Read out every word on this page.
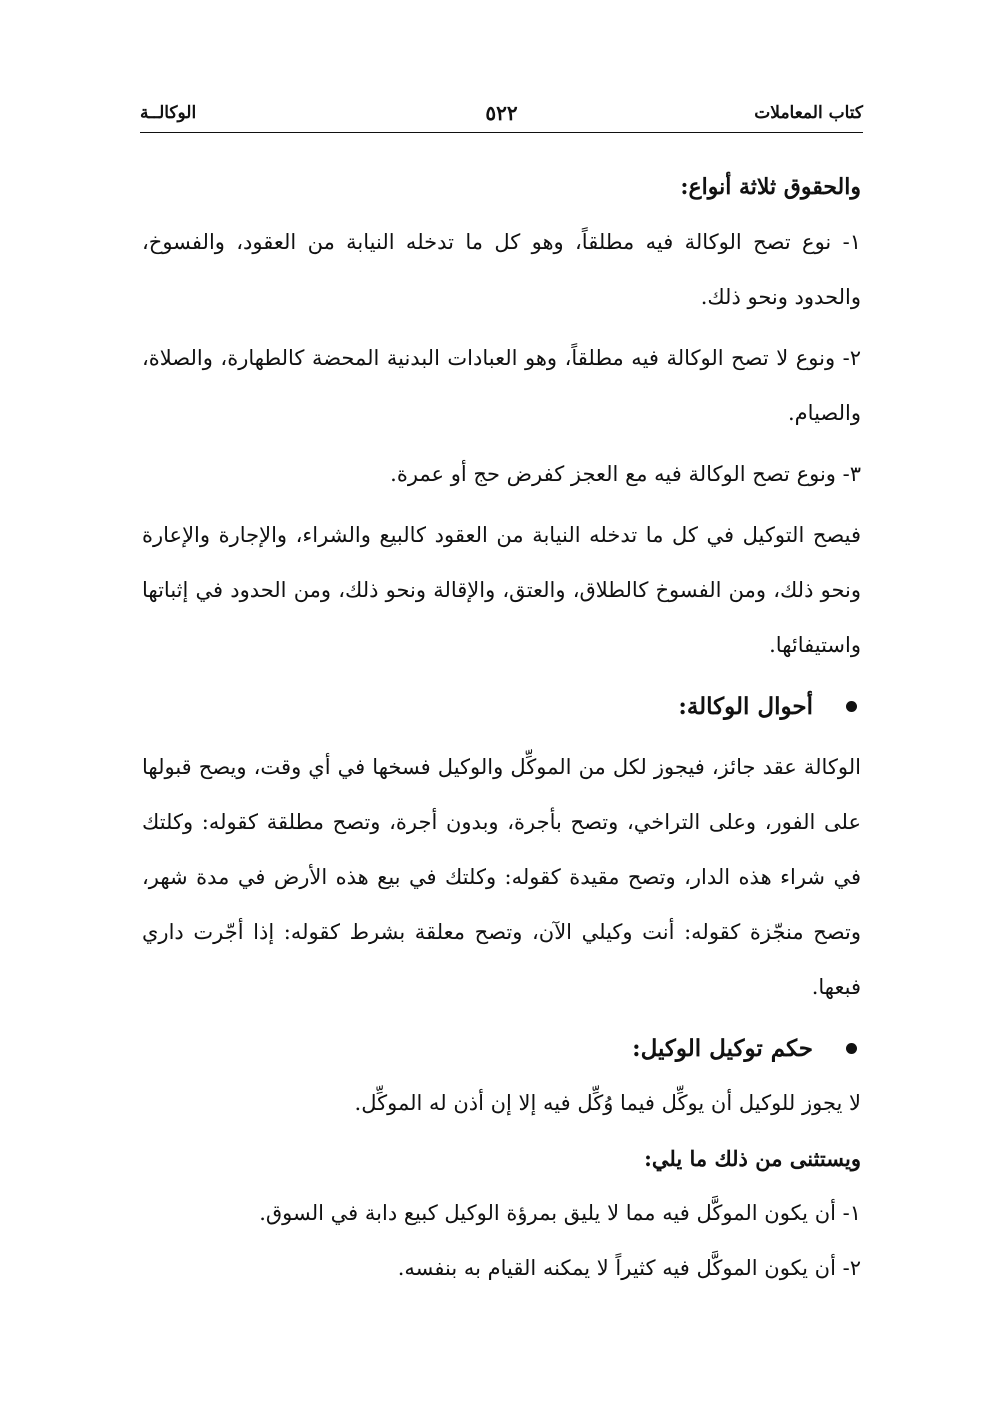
كتاب المعاملات
٥٢٢
الوكالــة

والحقوق ثلاثة أنواع:

١- نوع تصح الوكالة فيه مطلقاً، وهو كل ما تدخله النيابة من العقود، والفسوخ، والحدود ونحو ذلك.

٢- ونوع لا تصح الوكالة فيه مطلقاً، وهو العبادات البدنية المحضة كالطهارة، والصلاة، والصيام.

٣- ونوع تصح الوكالة فيه مع العجز كفرض حج أو عمرة.

فيصح التوكيل في كل ما تدخله النيابة من العقود كالبيع والشراء، والإجارة والإعارة ونحو ذلك، ومن الفسوخ كالطلاق، والعتق، والإقالة ونحو ذلك، ومن الحدود في إثباتها واستيفائها.

أحوال الوكالة:

الوكالة عقد جائز، فيجوز لكل من الموكِّل والوكيل فسخها في أي وقت، ويصح قبولها على الفور، وعلى التراخي، وتصح بأجرة، وبدون أجرة، وتصح مطلقة كقوله: وكلتك في شراء هذه الدار، وتصح مقيدة كقوله: وكلتك في بيع هذه الأرض في مدة شهر، وتصح منجّزة كقوله: أنت وكيلي الآن، وتصح معلقة بشرط كقوله: إذا أجّرت داري فبعها.

حكم توكيل الوكيل:

لا يجوز للوكيل أن يوكِّل فيما وُكِّل فيه إلا إن أذن له الموكِّل.

ويستثنى من ذلك ما يلي:

١- أن يكون الموكَّل فيه مما لا يليق بمرؤة الوكيل كبيع دابة في السوق.

٢- أن يكون الموكَّل فيه كثيراً لا يمكنه القيام به بنفسه.
